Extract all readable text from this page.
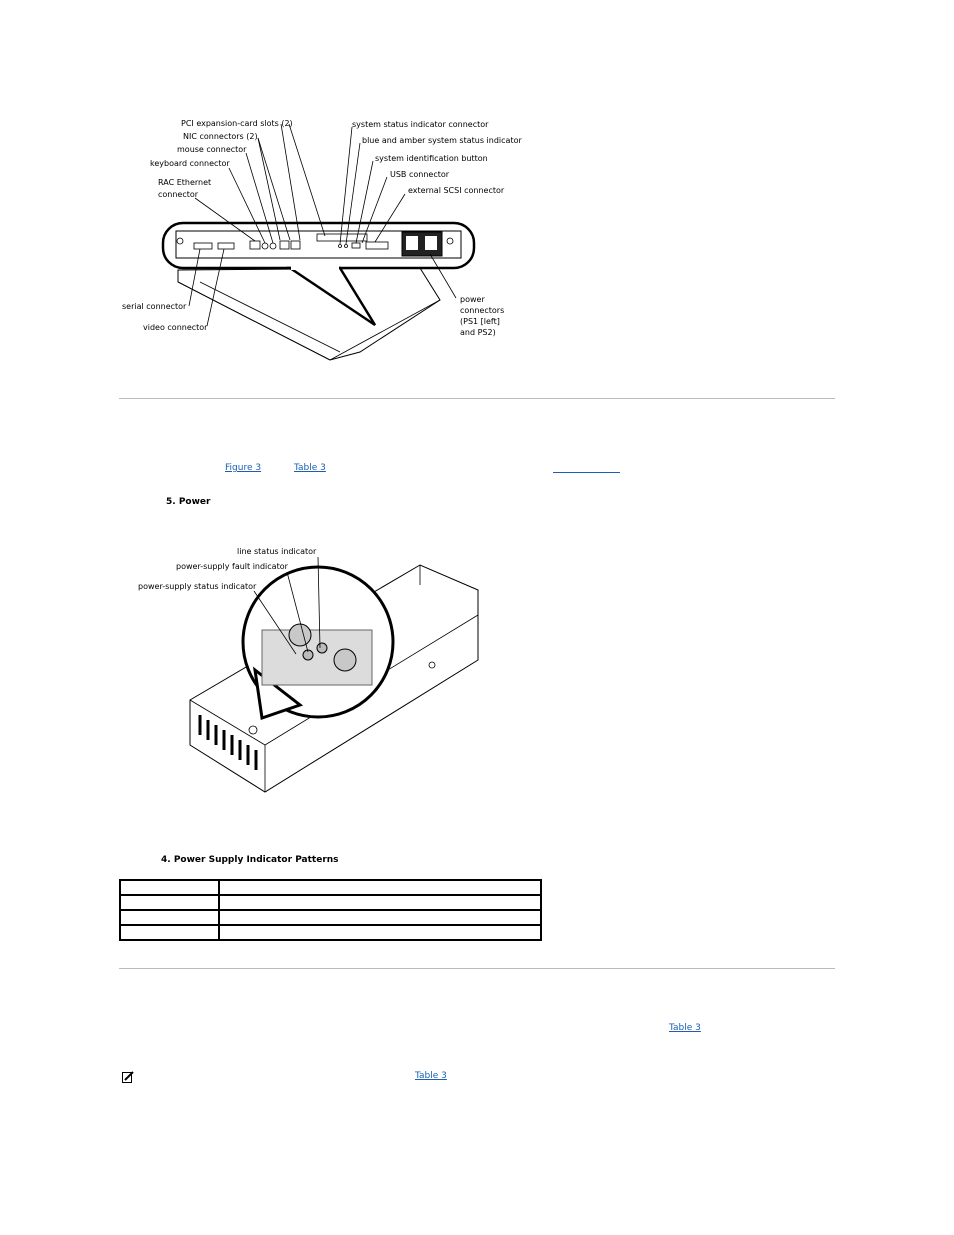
PCI expansion-card slots (2)
NIC connectors (2)
mouse connector
keyboard connector
RAC Ethernet
connector
system status indicator connector
blue and amber system status indicator
system identification button
USB connector
external SCSI connector
serial connector
video connector
power
connectors
(PS1 [left]
and PS2)
Figure 3	Table 3
5. Power
line status indicator
power-supply fault indicator
power-supply status indicator
4. Power Supply Indicator Patterns

Table 3
Table 3
